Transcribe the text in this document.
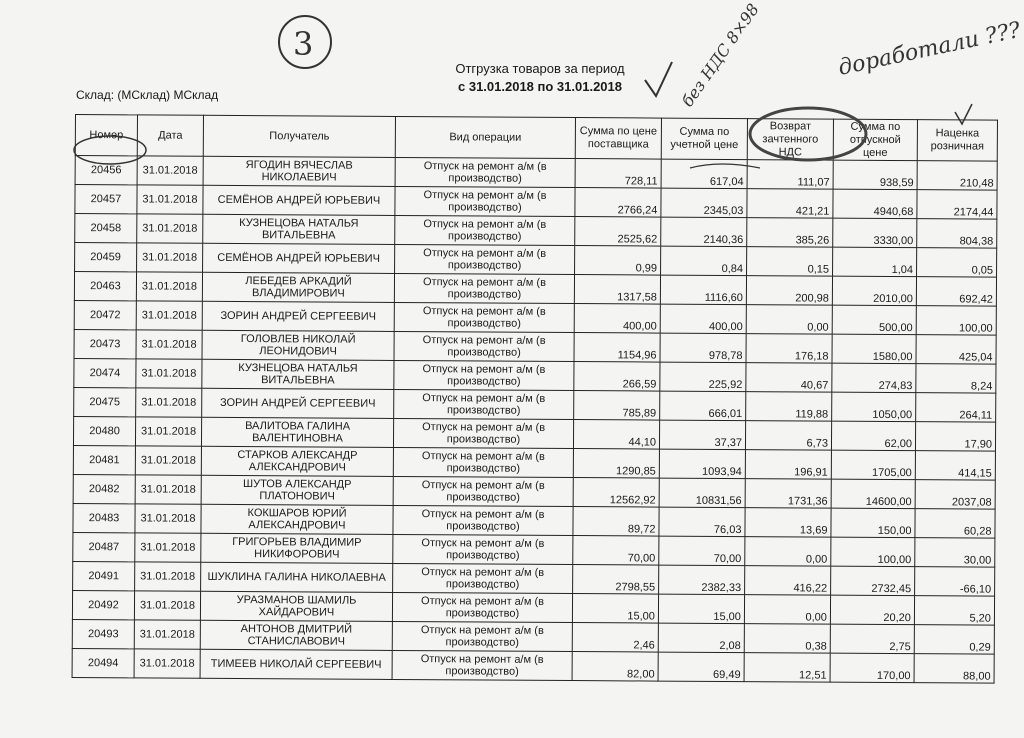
Отгрузка товаров за период
с 31.01.2018 по 31.01.2018
Склад: (МСклад) МСклад
Номер	Дата	Получатель	Вид операции	Сумма по цене поставщика	Сумма по учетной цене	Возврат зачтенного НДС	Сумма по отпускной цене	Наценка розничная
20456	31.01.2018	ЯГОДИН ВЯЧЕСЛАВ НИКОЛАЕВИЧ	Отпуск на ремонт а/м (в производство)	728,11	617,04	111,07	938,59	210,48
20457	31.01.2018	СЕМЁНОВ АНДРЕЙ ЮРЬЕВИЧ	Отпуск на ремонт а/м (в производство)	2766,24	2345,03	421,21	4940,68	2174,44
20458	31.01.2018	КУЗНЕЦОВА НАТАЛЬЯ ВИТАЛЬЕВНА	Отпуск на ремонт а/м (в производство)	2525,62	2140,36	385,26	3330,00	804,38
20459	31.01.2018	СЕМЁНОВ АНДРЕЙ ЮРЬЕВИЧ	Отпуск на ремонт а/м (в производство)	0,99	0,84	0,15	1,04	0,05
20463	31.01.2018	ЛЕБЕДЕВ АРКАДИЙ ВЛАДИМИРОВИЧ	Отпуск на ремонт а/м (в производство)	1317,58	1116,60	200,98	2010,00	692,42
20472	31.01.2018	ЗОРИН АНДРЕЙ СЕРГЕЕВИЧ	Отпуск на ремонт а/м (в производство)	400,00	400,00	0,00	500,00	100,00
20473	31.01.2018	ГОЛОВЛЕВ НИКОЛАЙ ЛЕОНИДОВИЧ	Отпуск на ремонт а/м (в производство)	1154,96	978,78	176,18	1580,00	425,04
20474	31.01.2018	КУЗНЕЦОВА НАТАЛЬЯ ВИТАЛЬЕВНА	Отпуск на ремонт а/м (в производство)	266,59	225,92	40,67	274,83	8,24
20475	31.01.2018	ЗОРИН АНДРЕЙ СЕРГЕЕВИЧ	Отпуск на ремонт а/м (в производство)	785,89	666,01	119,88	1050,00	264,11
20480	31.01.2018	ВАЛИТОВА ГАЛИНА ВАЛЕНТИНОВНА	Отпуск на ремонт а/м (в производство)	44,10	37,37	6,73	62,00	17,90
20481	31.01.2018	СТАРКОВ АЛЕКСАНДР АЛЕКСАНДРОВИЧ	Отпуск на ремонт а/м (в производство)	1290,85	1093,94	196,91	1705,00	414,15
20482	31.01.2018	ШУТОВ АЛЕКСАНДР ПЛАТОНОВИЧ	Отпуск на ремонт а/м (в производство)	12562,92	10831,56	1731,36	14600,00	2037,08
20483	31.01.2018	КОКШАРОВ ЮРИЙ АЛЕКСАНДРОВИЧ	Отпуск на ремонт а/м (в производство)	89,72	76,03	13,69	150,00	60,28
20487	31.01.2018	ГРИГОРЬЕВ ВЛАДИМИР НИКИФОРОВИЧ	Отпуск на ремонт а/м (в производство)	70,00	70,00	0,00	100,00	30,00
20491	31.01.2018	ШУКЛИНА ГАЛИНА НИКОЛАЕВНА	Отпуск на ремонт а/м (в производство)	2798,55	2382,33	416,22	2732,45	-66,10
20492	31.01.2018	УРАЗМАНОВ ШАМИЛЬ ХАЙДАРОВИЧ	Отпуск на ремонт а/м (в производство)	15,00	15,00	0,00	20,20	5,20
20493	31.01.2018	АНТОНОВ ДМИТРИЙ СТАНИСЛАВОВИЧ	Отпуск на ремонт а/м (в производство)	2,46	2,08	0,38	2,75	0,29
20494	31.01.2018	ТИМЕЕВ НИКОЛАЙ СЕРГЕЕВИЧ	Отпуск на ремонт а/м (в производство)	82,00	69,49	12,51	170,00	88,00
3	без НДС 8×98	доработали ???
